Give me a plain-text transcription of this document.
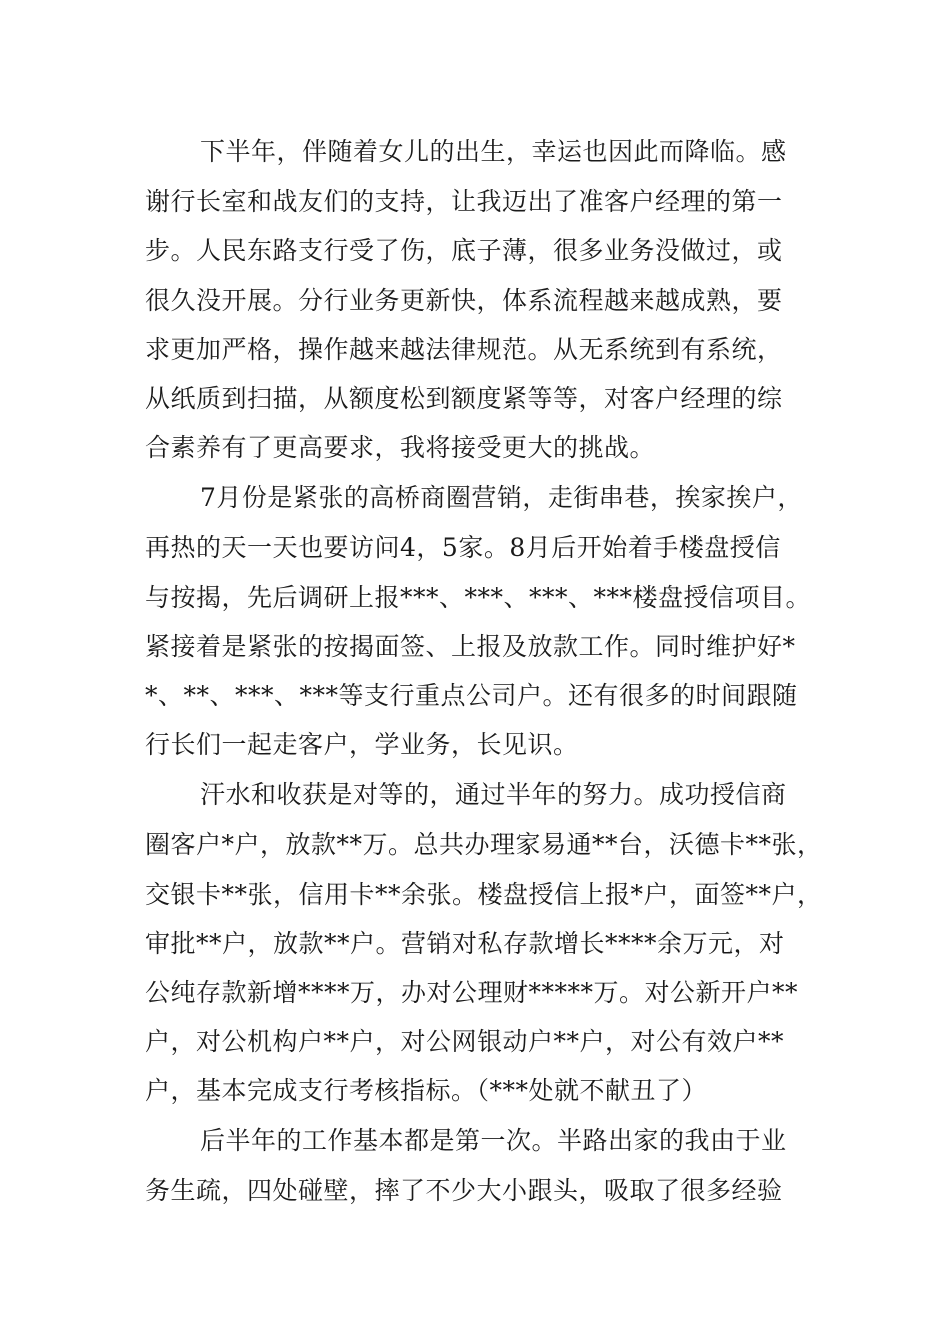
下半年，伴随着女儿的出生，幸运也因此而降临。感

谢行长室和战友们的支持，让我迈出了准客户经理的第一

步。人民东路支行受了伤，底子薄，很多业务没做过，或

很久没开展。分行业务更新快，体系流程越来越成熟，要

求更加严格，操作越来越法律规范。从无系统到有系统，

从纸质到扫描，从额度松到额度紧等等，对客户经理的综

合素养有了更高要求，我将接受更大的挑战。

7月份是紧张的高桥商圈营销，走街串巷，挨家挨户，

再热的天一天也要访问4，5家。8月后开始着手楼盘授信

与按揭，先后调研上报***、***、***、***楼盘授信项目。

紧接着是紧张的按揭面签、上报及放款工作。同时维护好*

*、**、***、***等支行重点公司户。还有很多的时间跟随

行长们一起走客户，学业务，长见识。

汗水和收获是对等的，通过半年的努力。成功授信商

圈客户*户，放款**万。总共办理家易通**台，沃德卡**张，

交银卡**张，信用卡**余张。楼盘授信上报*户，面签**户，

审批**户，放款**户。营销对私存款增长****余万元，对

公纯存款新增****万，办对公理财*****万。对公新开户**

户，对公机构户**户，对公网银动户**户，对公有效户**

户，基本完成支行考核指标。（***处就不献丑了）

后半年的工作基本都是第一次。半路出家的我由于业

务生疏，四处碰壁，摔了不少大小跟头，吸取了很多经验
